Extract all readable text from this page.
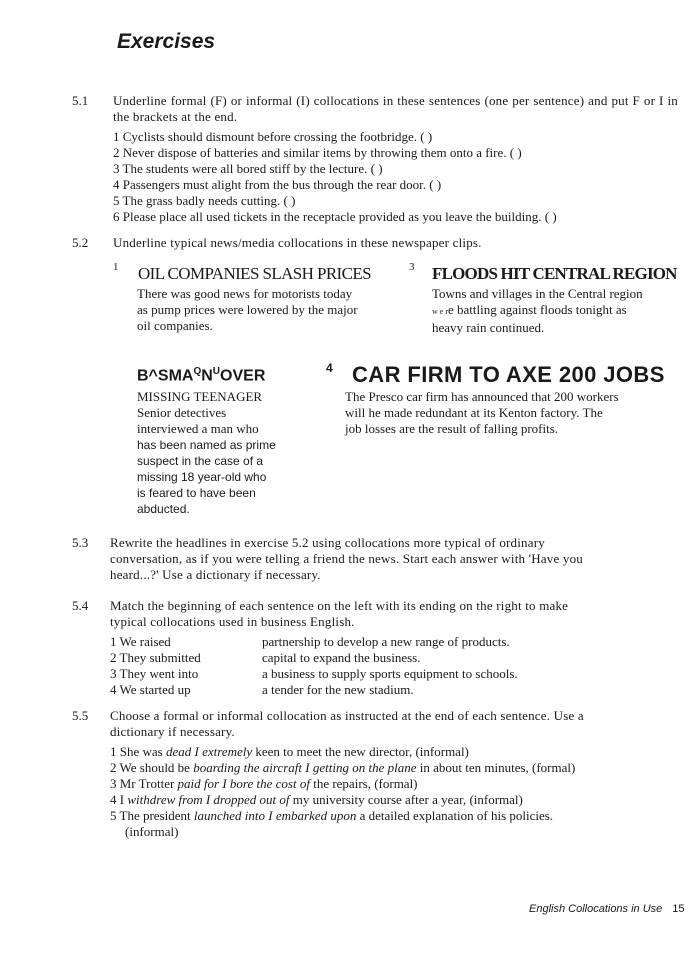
Exercises
5.1 Underline formal (F) or informal (I) collocations in these sentences (one per sentence) and put F or I in the brackets at the end.
1 Cyclists should dismount before crossing the footbridge. ( )
2 Never dispose of batteries and similar items by throwing them onto a fire. ( )
3 The students were all bored stiff by the lecture. ( )
4 Passengers must alight from the bus through the rear door. ( )
5 The grass badly needs cutting. ( )
6 Please place all used tickets in the receptacle provided as you leave the building. ( )
5.2 Underline typical news/media collocations in these newspaper clips.
1 OIL COMPANIES SLASH PRICES
There was good news for motorists today
as pump prices were lowered by the major
oil companies.
3 FLOODS HIT CENTRAL REGION
Towns and villages in the Central region
w e re battling against floods tonight as
heavy rain continued.
$B\^{}SMA^QN^UOVER$
MISSING TEENAGER
Senior detectives
interviewed a man who
has been named as prime
suspect in the case of a
missing 18 year-old who
is feared to have been
abducted.
4 CAR FIRM TO AXE 200 JOBS
The Presco car firm has announced that 200 workers
will he made redundant at its Kenton factory. The
job losses are the result of falling profits.
5.3 Rewrite the headlines in exercise 5.2 using collocations more typical of ordinary
conversation, as if you were telling a friend the news. Start each answer with 'Have you
heard...?' Use a dictionary if necessary.
5.4 Match the beginning of each sentence on the left with its ending on the right to make
typical collocations used in business English.
1 We raised
2 They submitted
3 They went into
4 We started up
partnership to develop a new range of products.
capital to expand the business.
a business to supply sports equipment to schools.
a tender for the new stadium.
5.5 Choose a formal or informal collocation as instructed at the end of each sentence. Use a
dictionary if necessary.
1 She was dead I extremely keen to meet the new director, (informal)
2 We should be boarding the aircraft I getting on the plane in about ten minutes, (formal)
3 Mr Trotter paid for I bore the cost of the repairs, (formal)
4 I withdrew from I dropped out of my university course after a year, (informal)
5 The president launched into I embarked upon a detailed explanation of his policies.
(informal)
English Collocations in Use 15
